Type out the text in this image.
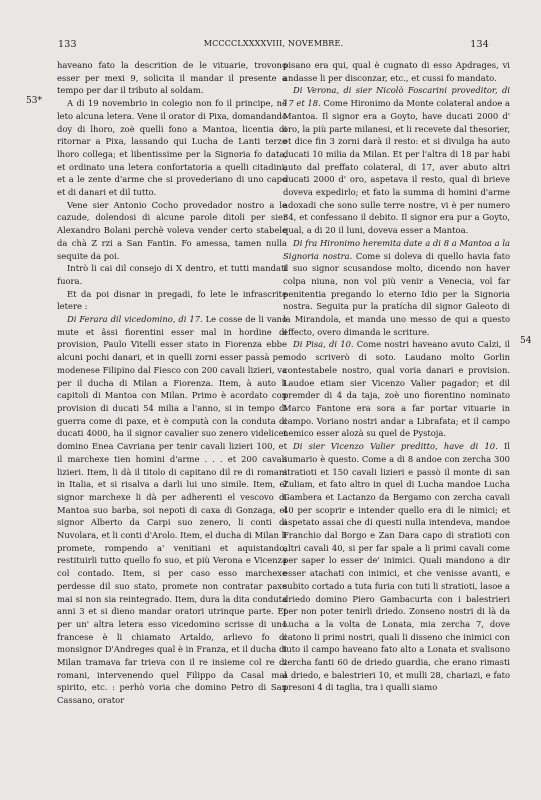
133	MCCCCLXXXXVIII, NOVEMBRE.	134
53*
54

haveano fato la descrition de le vituarie, trovono esser per mexi 9, solicita il mandar il presente a tempo per dar il tributo al soldam.

A di 19 novembrio in colegio non fo il principe, nè leto alcuna letera. Vene il orator di Pixa, domandando doy di lhoro, zoè quelli fono a Mantoa, licentia di ritornar a Pixa, lassando qui Lucha de Lanti terzo lhoro collega; et libentissime per la Signoria fo data, et ordinato una letera confortatoria a quelli citadini, et a le zente d'arme che si provederiano di uno capo et di danari et dil tutto.

Vene sier Antonio Cocho provedador nostro a le cazude, dolendosi di alcune parole ditoli per sier Alexandro Bolani perchè voleva vender certo stabele da chà Z rzi a San Fantin. Fo amessa, tamen nulla sequite da poi.

Intrò li cai dil consejo di X dentro, et tutti mandati fuora.

Et da poi disnar in pregadi, fo lete le infrascrite letere :

Di Ferara dil vicedomino, di 17. Le cosse de li vano mute et âssi fiorentini esser mal in hordine di provision, Paulo Vitelli esser stato in Fiorenza ebbe alcuni pochi danari, et in quelli zorni esser passà per modenese Filipino dal Fiesco con 200 cavali lizieri, va per il ducha di Milan a Fiorenza. Item, à auto li capitoli di Mantoa con Milan. Primo è acordato con provision di ducati 54 milia a l'anno, si in tempo di guerra come di paxe, et è computà con la conduta di ducati 4000, ha il signor cavalier suo zenero videlicet domino Enea Cavriana per tenir cavali lizieri 100, et il marchexe tien homini d'arme . . . et 200 cavali lizieri. Item, li dà il titolo di capitano dil re di romani in Italia, et si risalva a darli lui uno simile. Item, el signor marchexe li dà per adherenti el vescovo di Mantoa suo barba, soi nepoti di caxa di Gonzaga, el signor Alberto da Carpi suo zenero, li conti di Nuvolara, et li conti d'Arolo. Item, el ducha di Milan li promete, rompendo a' venitiani et aquistando, restituirli tutto quello fo suo, et più Verona e Vicenza col contado. Item, si per caso esso marchexe perdesse dil suo stato, promete non contratar paxe mai si non sia reintegrado. Item, dura la dita conduta anni 3 et si dieno mandar oratori utrinque parte. Et per un' altra letera esso vicedomino scrisse di uno francese è li chiamato Artaldo, arlievo fo di monsignor D'Andreges qual è in Franza, et il ducha di Milan tramava far trieva con il re insieme col re di romani, intervenendo quel Filippo da Casal mal spirito, etc. : perhò voria che domino Petro di San Cassano, orator

pisano era qui, qual è cugnato di esso Apdrages, vi andasse li per disconzar, etc., et cussi fo mandato.

Di Verona, di sier Nicolò Foscarini proveditor, di 17 et 18. Come Hironimo da Monte colateral andoe a Mantoa. Il signor era a Goyto, have ducati 2000 d' oro, la più parte milanesi, et li recevete dal thesorier, et dice fin 3 zorni darà il resto: et si divulga ha auto ducati 10 milia da Milan. Et per l'altra di 18 par habi auto dal preffato colateral, di 17, aver abuto altri ducati 2000 d' oro, aspetava il resto, qual di brieve doveva expedirlo; et fato la summa di homini d'arme adoxadi che sono sulle terre nostre, vi è per numero 34, et confessano il debito. Il signor era pur a Goyto, qual, a di 20 il luni, doveva esser a Mantoa.

Di fra Hironimo heremita date a di 8 a Mantoa a la Signoria nostra. Come si doleva di quello havia fato il suo signor scusandose molto, dicendo non haver colpa niuna, non vol più venir a Venecia, vol far penitentia pregando lo eterno Idio per la Signoria nostra. Seguita pur la pratícha dil signor Galeoto di la Mirandola, et manda uno messo de qui a questo effecto, overo dimanda le scriture.

Di Pisa, di 10. Come nostri haveano avuto Calzi, il modo scriverò di soto. Laudano molto Gorlin contestabele nostro, qual voria danari e provision. Laudoe etiam sier Vicenzo Valier pagador; et dil premder di 4 da taja, zoè uno fiorentino nominato Marco Fantone era sora a far portar vituarie in campo. Voriano nostri andar a Librafata; et il campo nemico esser alozà su quel de Pystoja.

Di sier Vicenzo Valier preditto, have di 10. Il sumario è questo. Come a di 8 andoe con zercha 300 stratioti et 150 cavali lizieri e passò il monte di san Zuliam, et fato altro in quel di Lucha mandoe Lucha Gambera et Lactanzo da Bergamo con zercha cavali 40 per scoprir e intender quello era di le nimici; et aspetato assai che di questi nulla intendeva, mandoe Franchio dal Borgo e Zan Dara capo di stratioti con altri cavali 40, si per far spale a li primi cavali come per saper lo esser de' inimici. Quali mandono a dir esser atachati con inimici, et che venisse avanti, e subito cortado a tuta furia con tuti li stratioti, lasoe a driedo domino Piero Gambacurta con i balestrieri per non poter tenirli driedo. Zonseno nostri di là da Lucha a la volta de Lonata, mia zercha 7, dove catono li primi nostri, quali li disseno che inimici con tuto il campo haveano fato alto a Lonata et svalisono zercha fanti 60 de driedo guardia, che erano rimasti a driedo, e balestrieri 10, et mulli 28, chariazi, e fato presoni 4 di taglia, tra i qualli siamo
